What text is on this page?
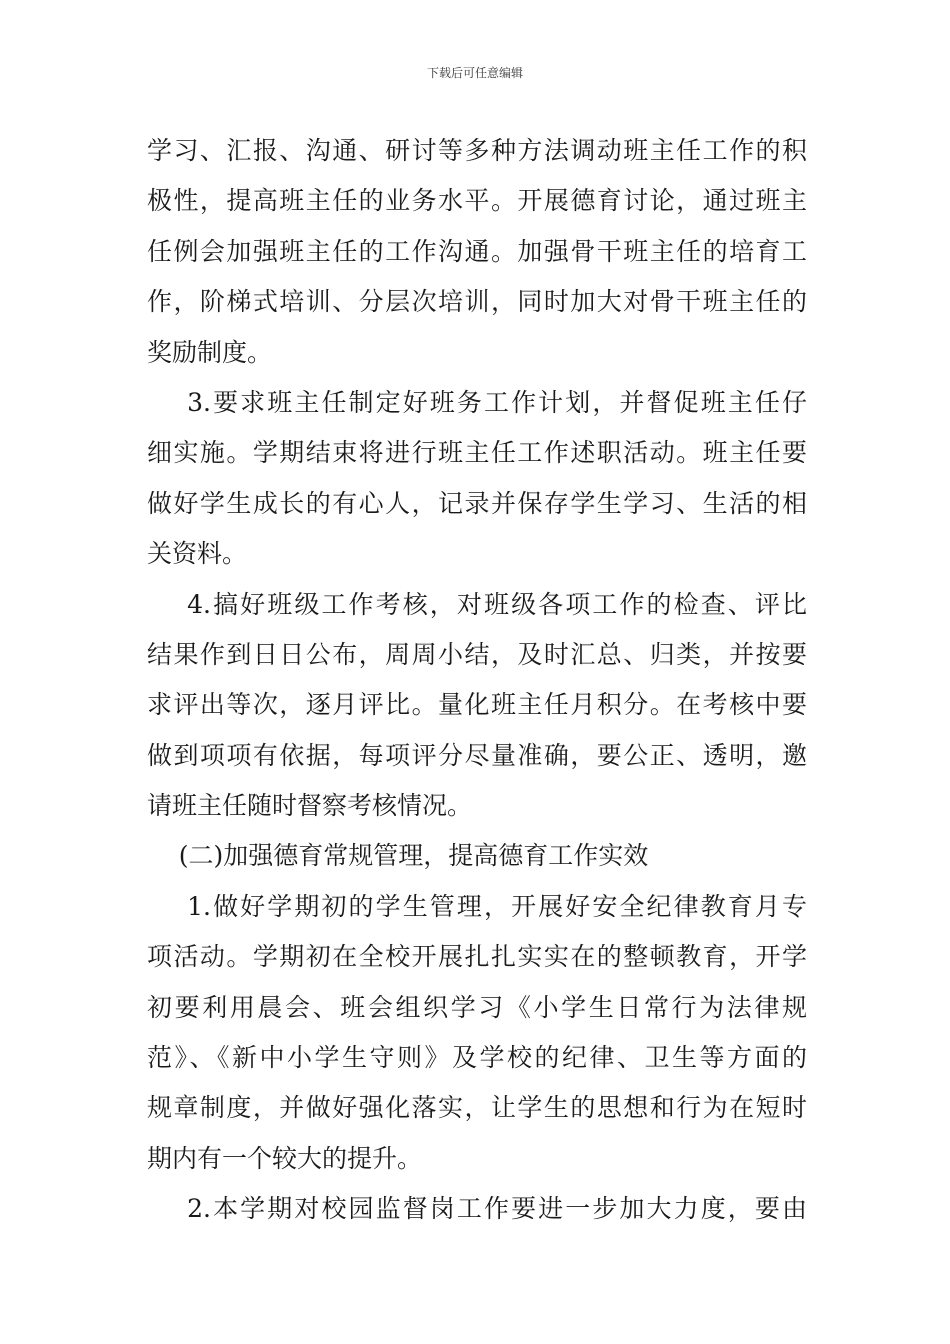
下载后可任意编辑
学习、汇报、沟通、研讨等多种方法调动班主任工作的积
极性，提高班主任的业务水平。开展德育讨论，通过班主
任例会加强班主任的工作沟通。加强骨干班主任的培育工
作，阶梯式培训、分层次培训，同时加大对骨干班主任的
奖励制度。
3.要求班主任制定好班务工作计划，并督促班主任仔
细实施。学期结束将进行班主任工作述职活动。班主任要
做好学生成长的有心人，记录并保存学生学习、生活的相
关资料。
4.搞好班级工作考核，对班级各项工作的检查、评比
结果作到日日公布，周周小结，及时汇总、归类，并按要
求评出等次，逐月评比。量化班主任月积分。在考核中要
做到项项有依据，每项评分尽量准确，要公正、透明，邀
请班主任随时督察考核情况。
(二)加强德育常规管理，提高德育工作实效
1.做好学期初的学生管理，开展好安全纪律教育月专
项活动。学期初在全校开展扎扎实实在的整顿教育，开学
初要利用晨会、班会组织学习《小学生日常行为法律规
范》、《新中小学生守则》及学校的纪律、卫生等方面的
规章制度，并做好强化落实，让学生的思想和行为在短时
期内有一个较大的提升。
2.本学期对校园监督岗工作要进一步加大力度，要由
